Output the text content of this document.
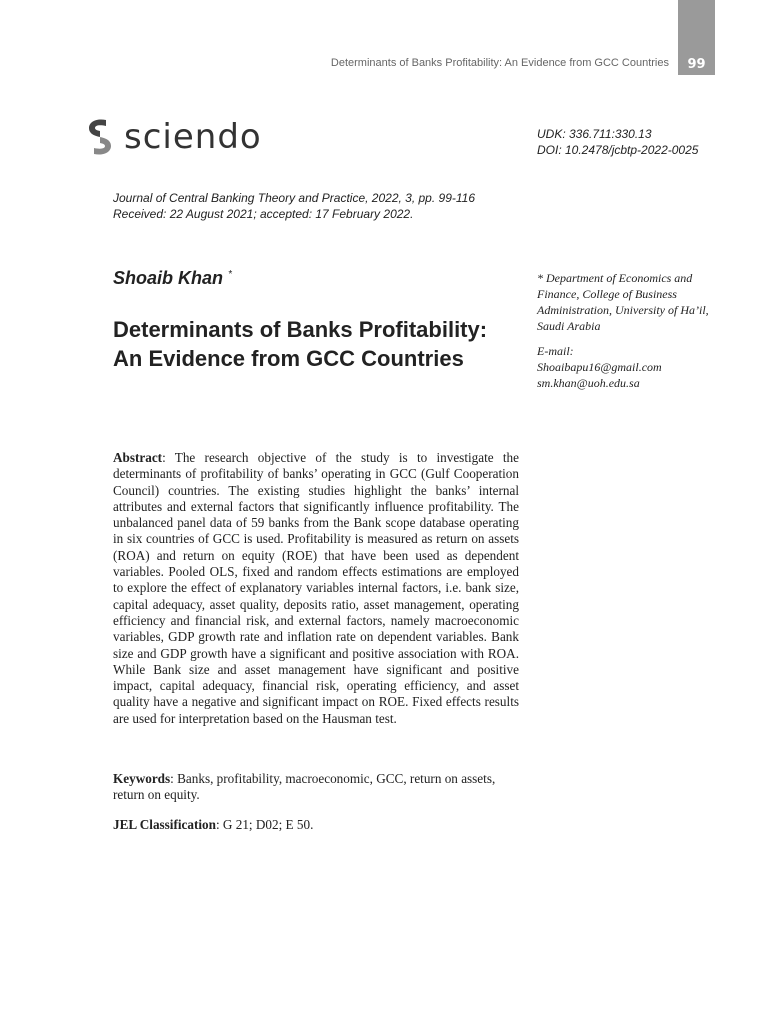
99
Determinants of Banks Profitability: An Evidence from GCC Countries
sciendo	UDK: 336.711:330.13
DOI: 10.2478/jcbtp-2022-0025
Journal of Central Banking Theory and Practice, 2022, 3, pp. 99-116
Received: 22 August 2021; accepted: 17 February 2022.
Shoaib Khan *
Determinants of Banks Profitability: An Evidence from GCC Countries
* Department of Economics and Finance, College of Business Administration, University of Ha’il, Saudi Arabia
E-mail:
Shoaibapu16@gmail.com
sm.khan@uoh.edu.sa
Abstract: The research objective of the study is to investigate the determinants of profitability of banks’ operating in GCC (Gulf Cooperation Council) countries. The existing studies highlight the banks’ internal attributes and external factors that significantly influence profitability. The unbalanced panel data of 59 banks from the Bank scope database operating in six countries of GCC is used. Profitability is measured as return on assets (ROA) and return on equity (ROE) that have been used as dependent variables. Pooled OLS, fixed and random effects estimations are employed to explore the effect of explanatory variables internal factors, i.e. bank size, capital adequacy, asset quality, deposits ratio, asset management, operating efficiency and financial risk, and external factors, namely macroeconomic variables, GDP growth rate and inflation rate on dependent variables. Bank size and GDP growth have a significant and positive association with ROA. While Bank size and asset management have significant and positive impact, capital adequacy, financial risk, operating efficiency, and asset quality have a negative and significant impact on ROE. Fixed effects results are used for interpretation based on the Hausman test.
Keywords: Banks, profitability, macroeconomic, GCC, return on assets, return on equity.
JEL Classification: G 21; D02; E 50.
